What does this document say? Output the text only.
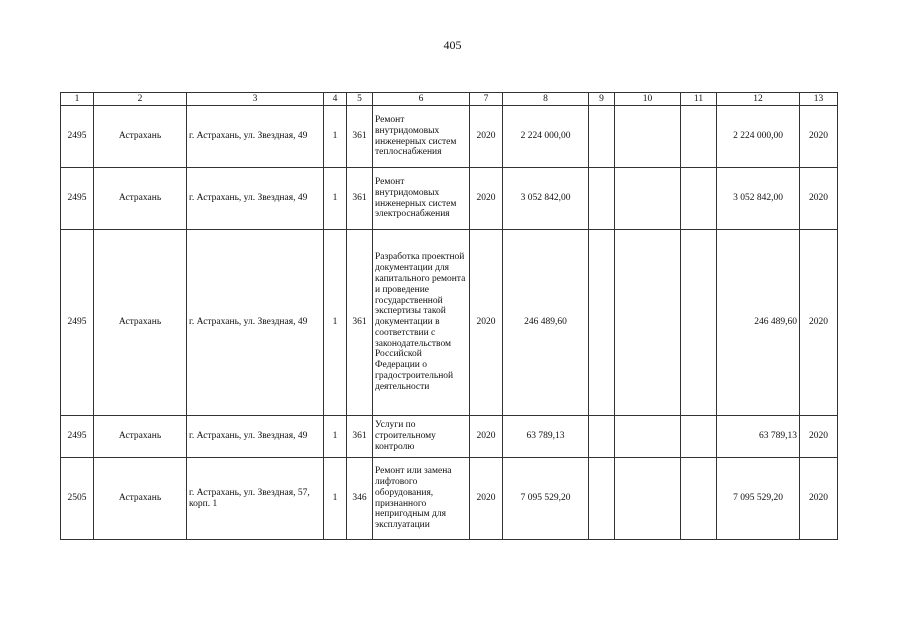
405
1	2	3	4	5	6	7	8	9	10	11	12	13
2495	Астрахань	г. Астрахань, ул. Звездная, 49	1	361	Ремонт внутридомовых инженерных систем теплоснабжения	2020	2 224 000,00				2 224 000,00	2020
2495	Астрахань	г. Астрахань, ул. Звездная, 49	1	361	Ремонт внутридомовых инженерных систем электроснабжения	2020	3 052 842,00				3 052 842,00	2020
2495	Астрахань	г. Астрахань, ул. Звездная, 49	1	361	Разработка проектной документации для капитального ремонта и проведение государственной экспертизы такой документации в соответствии с законодательством Российской Федерации о градостроительной деятельности	2020	246 489,60				246 489,60	2020
2495	Астрахань	г. Астрахань, ул. Звездная, 49	1	361	Услуги по строительному контролю	2020	63 789,13				63 789,13	2020
2505	Астрахань	г. Астрахань, ул. Звездная, 57, корп. 1	1	346	Ремонт или замена лифтового оборудования, признанного непригодным для эксплуатации	2020	7 095 529,20				7 095 529,20	2020
